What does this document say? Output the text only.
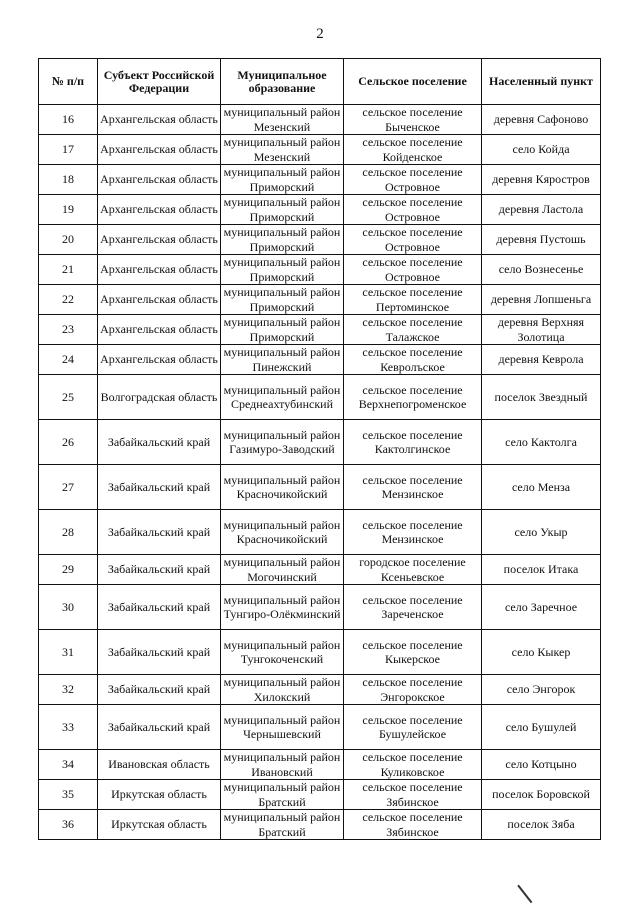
2
№ п/п	Субъект Российской Федерации	Муниципальное образование	Сельское поселение	Населенный пункт
16	Архангельская область	муниципальный район Мезенский	сельское поселение Быченское	деревня Сафоново
17	Архангельская область	муниципальный район Мезенский	сельское поселение Койденское	село Койда
18	Архангельская область	муниципальный район Приморский	сельское поселение Островное	деревня Кяростров
19	Архангельская область	муниципальный район Приморский	сельское поселение Островное	деревня Ластола
20	Архангельская область	муниципальный район Приморский	сельское поселение Островное	деревня Пустошь
21	Архангельская область	муниципальный район Приморский	сельское поселение Островное	село Вознесенье
22	Архангельская область	муниципальный район Приморский	сельское поселение Пертоминское	деревня Лопшеньга
23	Архангельская область	муниципальный район Приморский	сельское поселение Талажское	деревня Верхняя Золотица
24	Архангельская область	муниципальный район Пинежский	сельское поселение Кевролъское	деревня Кеврола
25	Волгоградская область	муниципальный район Среднеахтубинский	сельское поселение Верхнепогроменское	поселок Звездный
26	Забайкальский край	муниципальный район Газимуро-Заводский	сельское поселение Кактолгинское	село Кактолга
27	Забайкальский край	муниципальный район Красночикойский	сельское поселение Мензинское	село Менза
28	Забайкальский край	муниципальный район Красночикойский	сельское поселение Мензинское	село Укыр
29	Забайкальский край	муниципальный район Могочинский	городское поселение Ксеньевское	поселок Итака
30	Забайкальский край	муниципальный район Тунгиро-Олёкминский	сельское поселение Зареченское	село Заречное
31	Забайкальский край	муниципальный район Тунгокоченский	сельское поселение Кыкерское	село Кыкер
32	Забайкальский край	муниципальный район Хилокский	сельское поселение Энгорокское	село Энгорок
33	Забайкальский край	муниципальный район Чернышевский	сельское поселение Бушулейское	село Бушулей
34	Ивановская область	муниципальный район Ивановский	сельское поселение Куликовское	село Котцыно
35	Иркутская область	муниципальный район Братский	сельское поселение Зябинское	поселок Боровской
36	Иркутская область	муниципальный район Братский	сельское поселение Зябинское	поселок Зяба
